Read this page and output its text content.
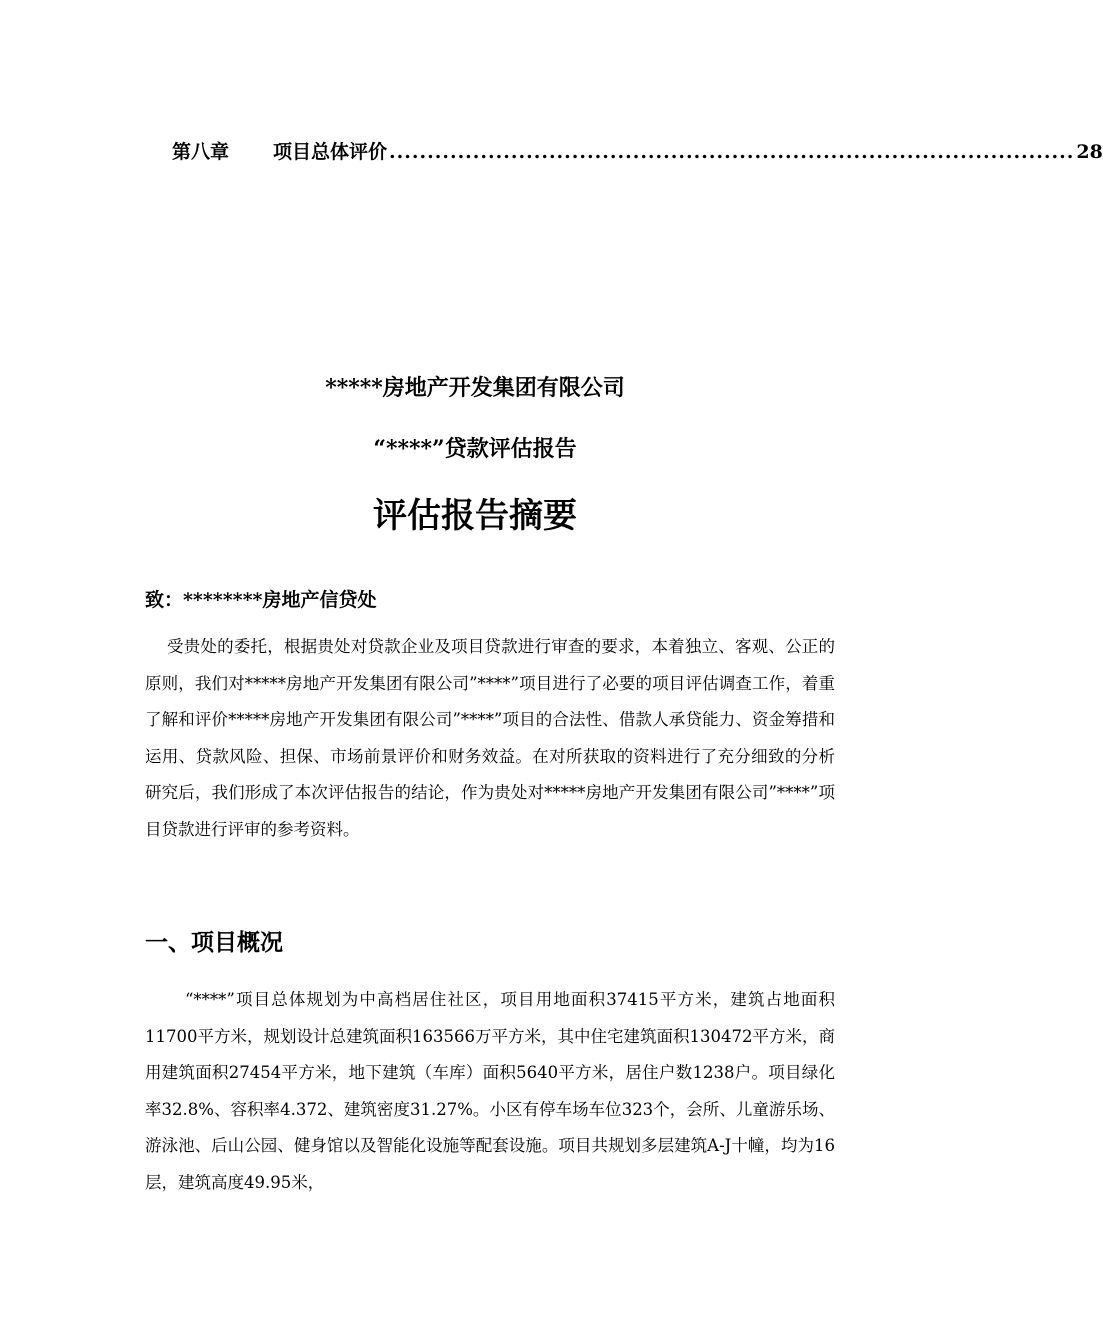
第八章 项目总体评价 .......................................................................................... 28
*****房地产开发集团有限公司
“****”贷款评估报告
评估报告摘要
致：********房地产信贷处
受贵处的委托，根据贵处对贷款企业及项目贷款进行审查的要求，本着独立、客观、公正的原则，我们对*****房地产开发集团有限公司”****”项目进行了必要的项目评估调查工作，着重了解和评价*****房地产开发集团有限公司”****”项目的合法性、借款人承贷能力、资金筹措和运用、贷款风险、担保、市场前景评价和财务效益。在对所获取的资料进行了充分细致的分析研究后，我们形成了本次评估报告的结论，作为贵处对*****房地产开发集团有限公司”****”项目贷款进行评审的参考资料。
一、项目概况
“****”项目总体规划为中高档居住社区，项目用地面积37415平方米，建筑占地面积11700平方米，规划设计总建筑面积163566万平方米，其中住宅建筑面积130472平方米，商用建筑面积27454平方米，地下建筑（车库）面积5640平方米，居住户数1238户。项目绿化率32.8%、容积率4.372、建筑密度31.27%。小区有停车场车位323个，会所、儿童游乐场、游泳池、后山公园、健身馆以及智能化设施等配套设施。项目共规划多层建筑A-J十幢，均为16层，建筑高度49.95米，
